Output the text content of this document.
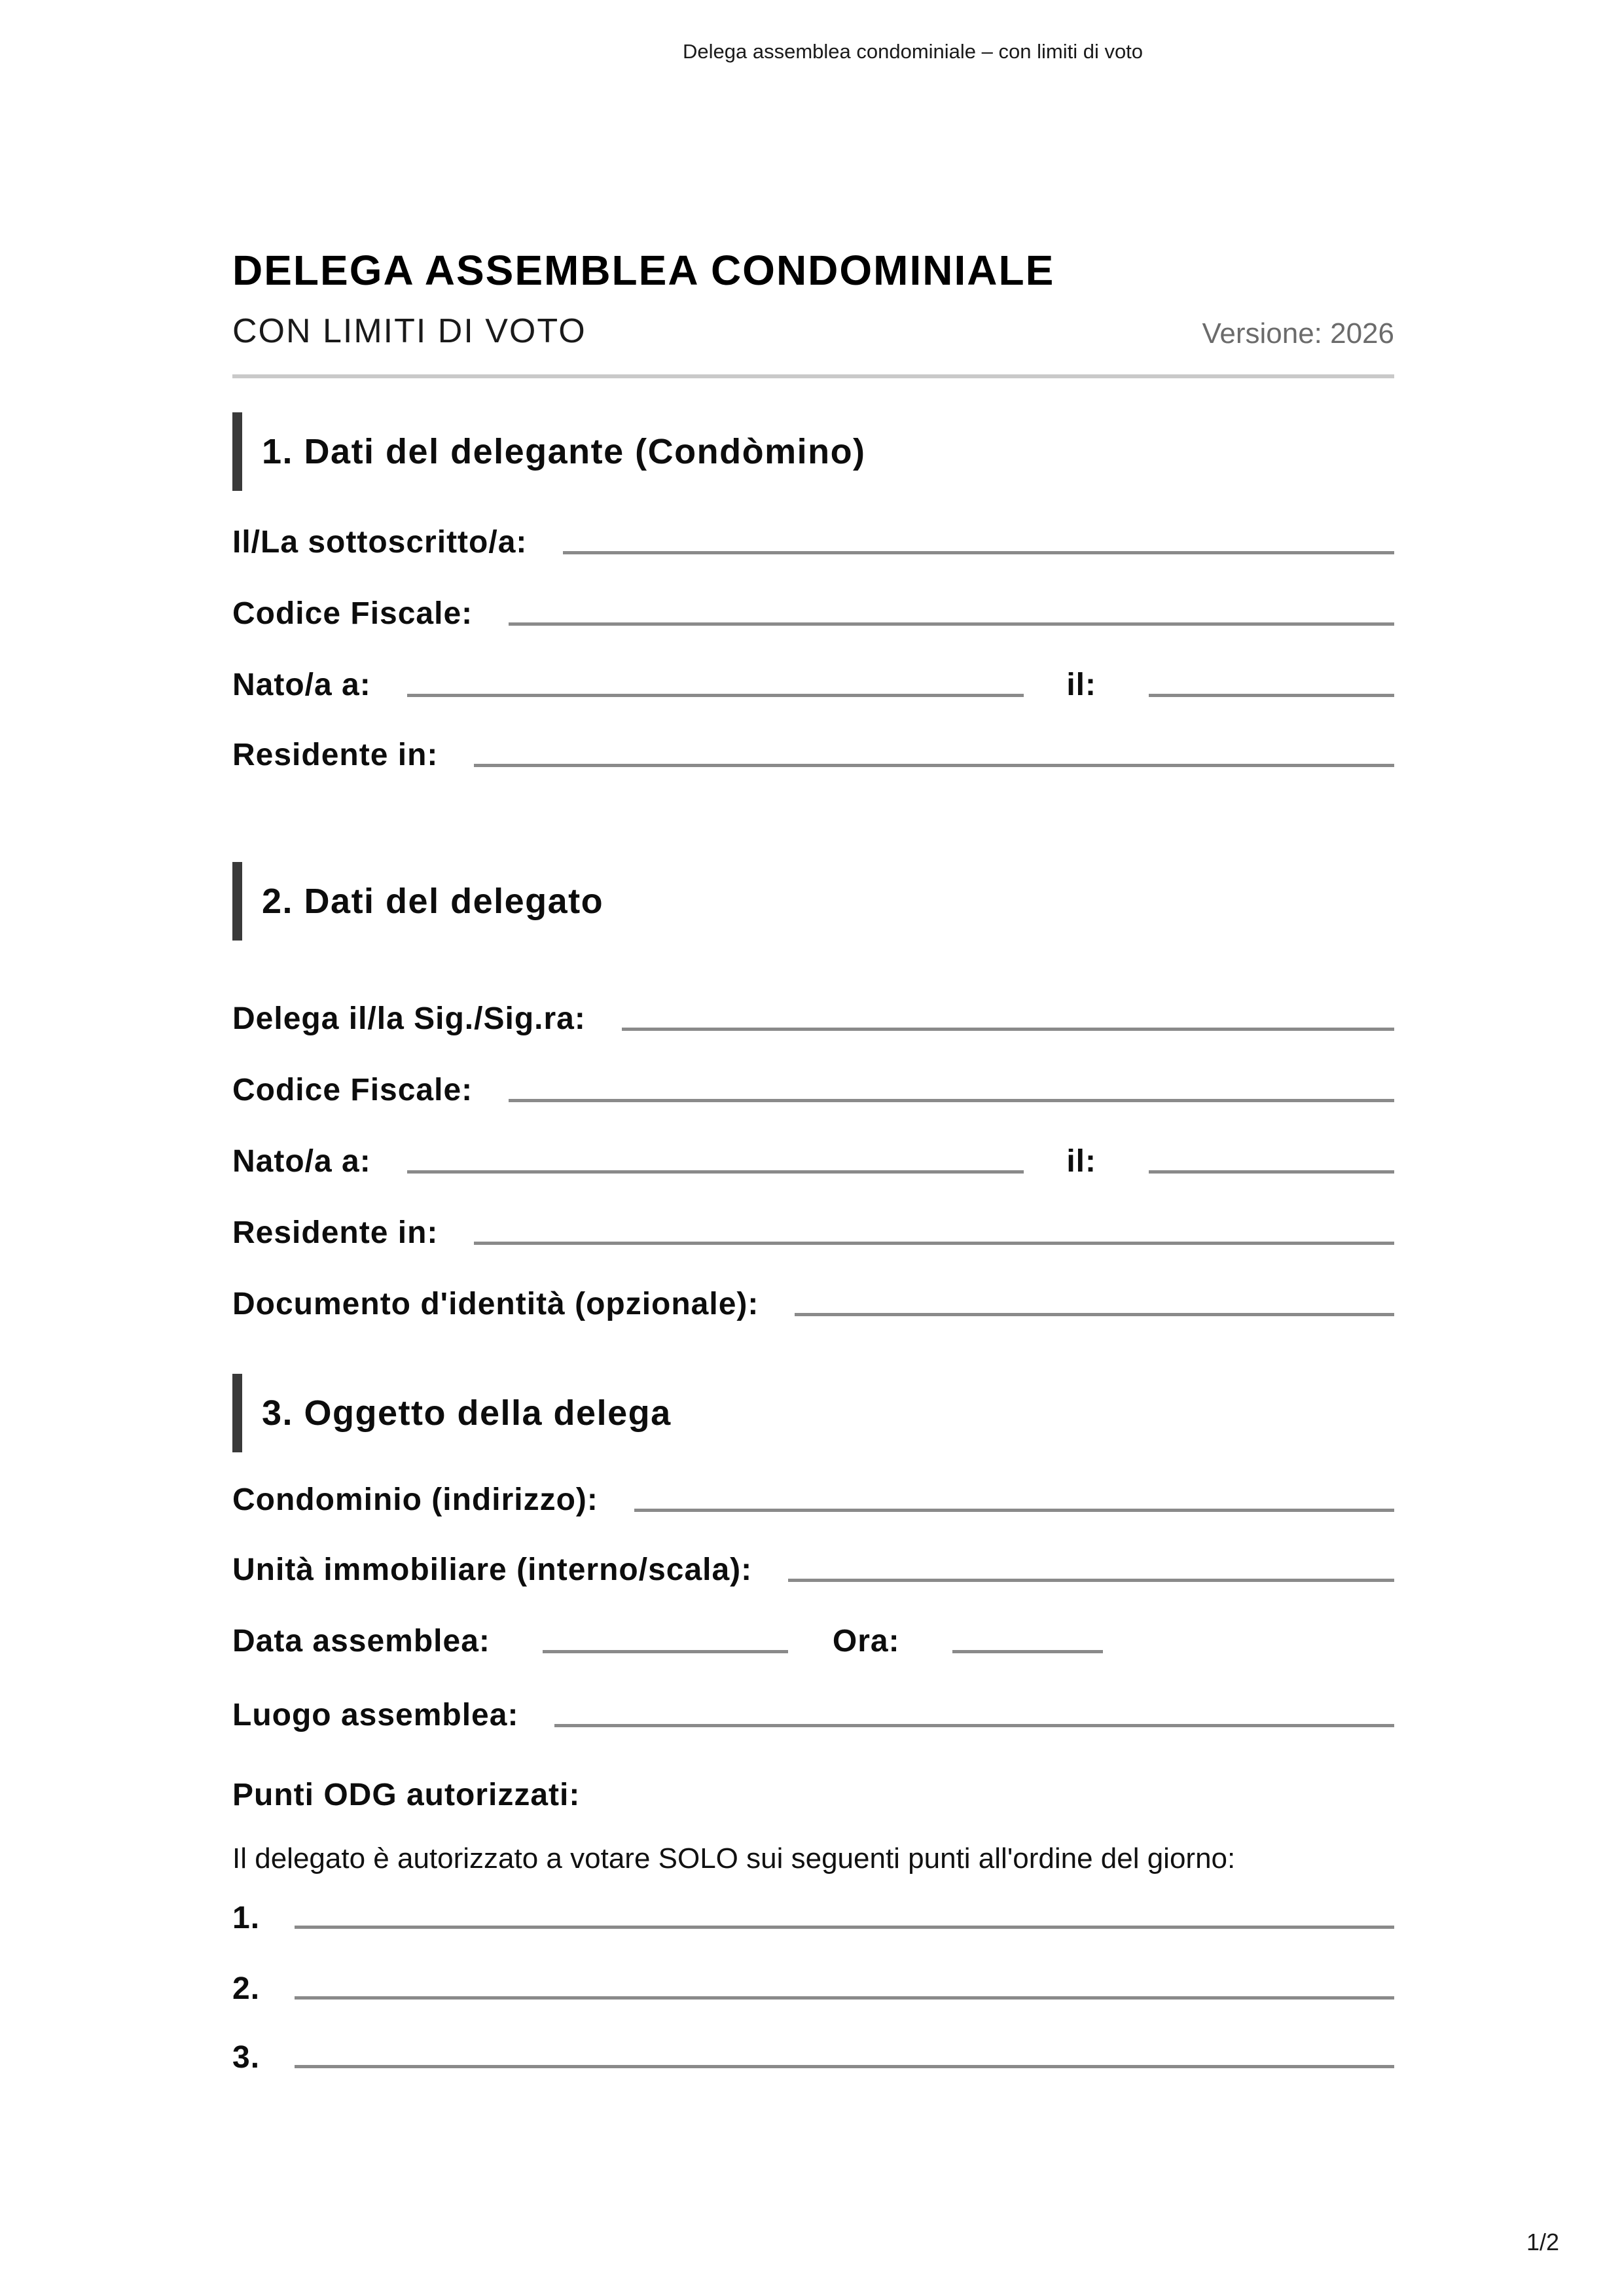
Delega assemblea condominiale – con limiti di voto
DELEGA ASSEMBLEA CONDOMINIALE
CON LIMITI DI VOTO	Versione: 2026
1. Dati del delegante (Condòmino)
Il/La sottoscritto/a:
Codice Fiscale:
Nato/a a:	il:
Residente in:
2. Dati del delegato
Delega il/la Sig./Sig.ra:
Codice Fiscale:
Nato/a a:	il:
Residente in:
Documento d'identità (opzionale):
3. Oggetto della delega
Condominio (indirizzo):
Unità immobiliare (interno/scala):
Data assemblea:	Ora:
Luogo assemblea:
Punti ODG autorizzati:
Il delegato è autorizzato a votare SOLO sui seguenti punti all'ordine del giorno:
1.
2.
3.
1/2
